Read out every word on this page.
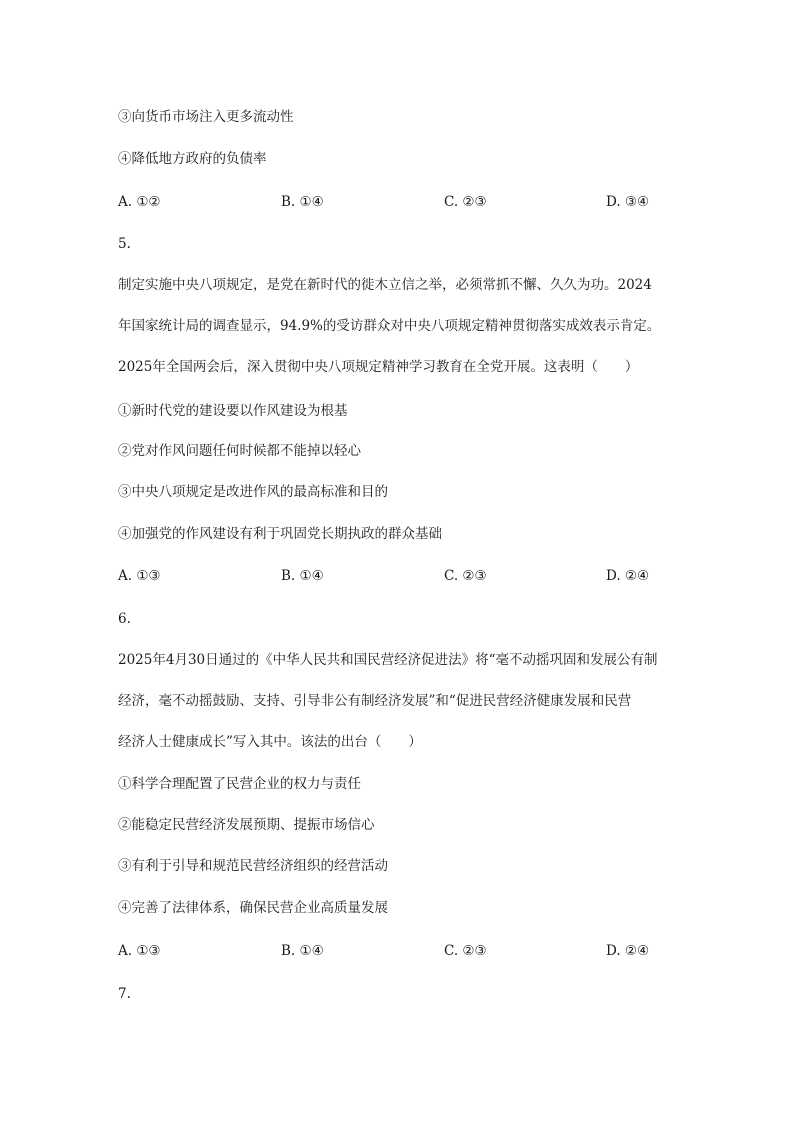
③向货币市场注入更多流动性
④降低地方政府的负债率
A. ①②	B. ①④	C. ②③	D. ③④
5.
制定实施中央八项规定，是党在新时代的徙木立信之举，必须常抓不懈、久久为功。2024
年国家统计局的调查显示，94.9%的受访群众对中央八项规定精神贯彻落实成效表示肯定。
2025年全国两会后，深入贯彻中央八项规定精神学习教育在全党开展。这表明（　　）
①新时代党的建设要以作风建设为根基
②党对作风问题任何时候都不能掉以轻心
③中央八项规定是改进作风的最高标准和目的
④加强党的作风建设有利于巩固党长期执政的群众基础
A. ①③	B. ①④	C. ②③	D. ②④
6.
2025年4月30日通过的《中华人民共和国民营经济促进法》将“毫不动摇巩固和发展公有制
经济，毫不动摇鼓励、支持、引导非公有制经济发展”和“促进民营经济健康发展和民营
经济人士健康成长”写入其中。该法的出台（　　）
①科学合理配置了民营企业的权力与责任
②能稳定民营经济发展预期、提振市场信心
③有利于引导和规范民营经济组织的经营活动
④完善了法律体系，确保民营企业高质量发展
A. ①③	B. ①④	C. ②③	D. ②④
7.
